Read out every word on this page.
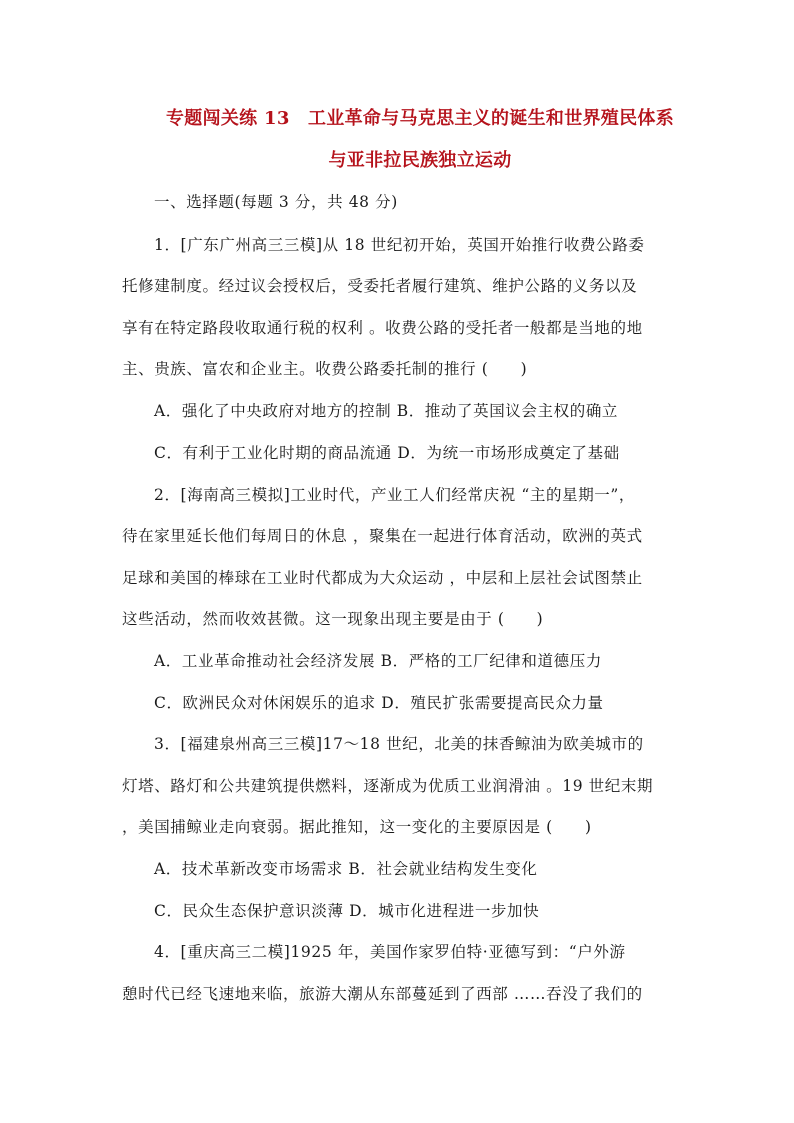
专题闯关练 13　工业革命与马克思主义的诞生和世界殖民体系
与亚非拉民族独立运动
一、选择题(每题 3 分，共 48 分)
1．[广东广州高三三模]从 18 世纪初开始，英国开始推行收费公路委
托修建制度。经过议会授权后，受委托者履行建筑、维护公路的义务以及
享有在特定路段收取通行税的权利 。收费公路的受托者一般都是当地的地
主、贵族、富农和企业主。收费公路委托制的推行 (　　)
A．强化了中央政府对地方的控制 B．推动了英国议会主权的确立
C．有利于工业化时期的商品流通 D．为统一市场形成奠定了基础
2．[海南高三模拟]工业时代，产业工人们经常庆祝 “主的星期一”，
待在家里延长他们每周日的休息 ，聚集在一起进行体育活动，欧洲的英式
足球和美国的棒球在工业时代都成为大众运动 ，中层和上层社会试图禁止
这些活动，然而收效甚微。这一现象出现主要是由于 (　　)
A．工业革命推动社会经济发展 B．严格的工厂纪律和道德压力
C．欧洲民众对休闲娱乐的追求 D．殖民扩张需要提高民众力量
3．[福建泉州高三三模]17～18 世纪，北美的抹香鲸油为欧美城市的
灯塔、路灯和公共建筑提供燃料，逐渐成为优质工业润滑油 。19 世纪末期
，美国捕鲸业走向衰弱。据此推知，这一变化的主要原因是 (　　)
A．技术革新改变市场需求 B．社会就业结构发生变化
C．民众生态保护意识淡薄 D．城市化进程进一步加快
4．[重庆高三二模]1925 年，美国作家罗伯特·亚德写到：“户外游
憩时代已经飞速地来临，旅游大潮从东部蔓延到了西部 ……吞没了我们的
